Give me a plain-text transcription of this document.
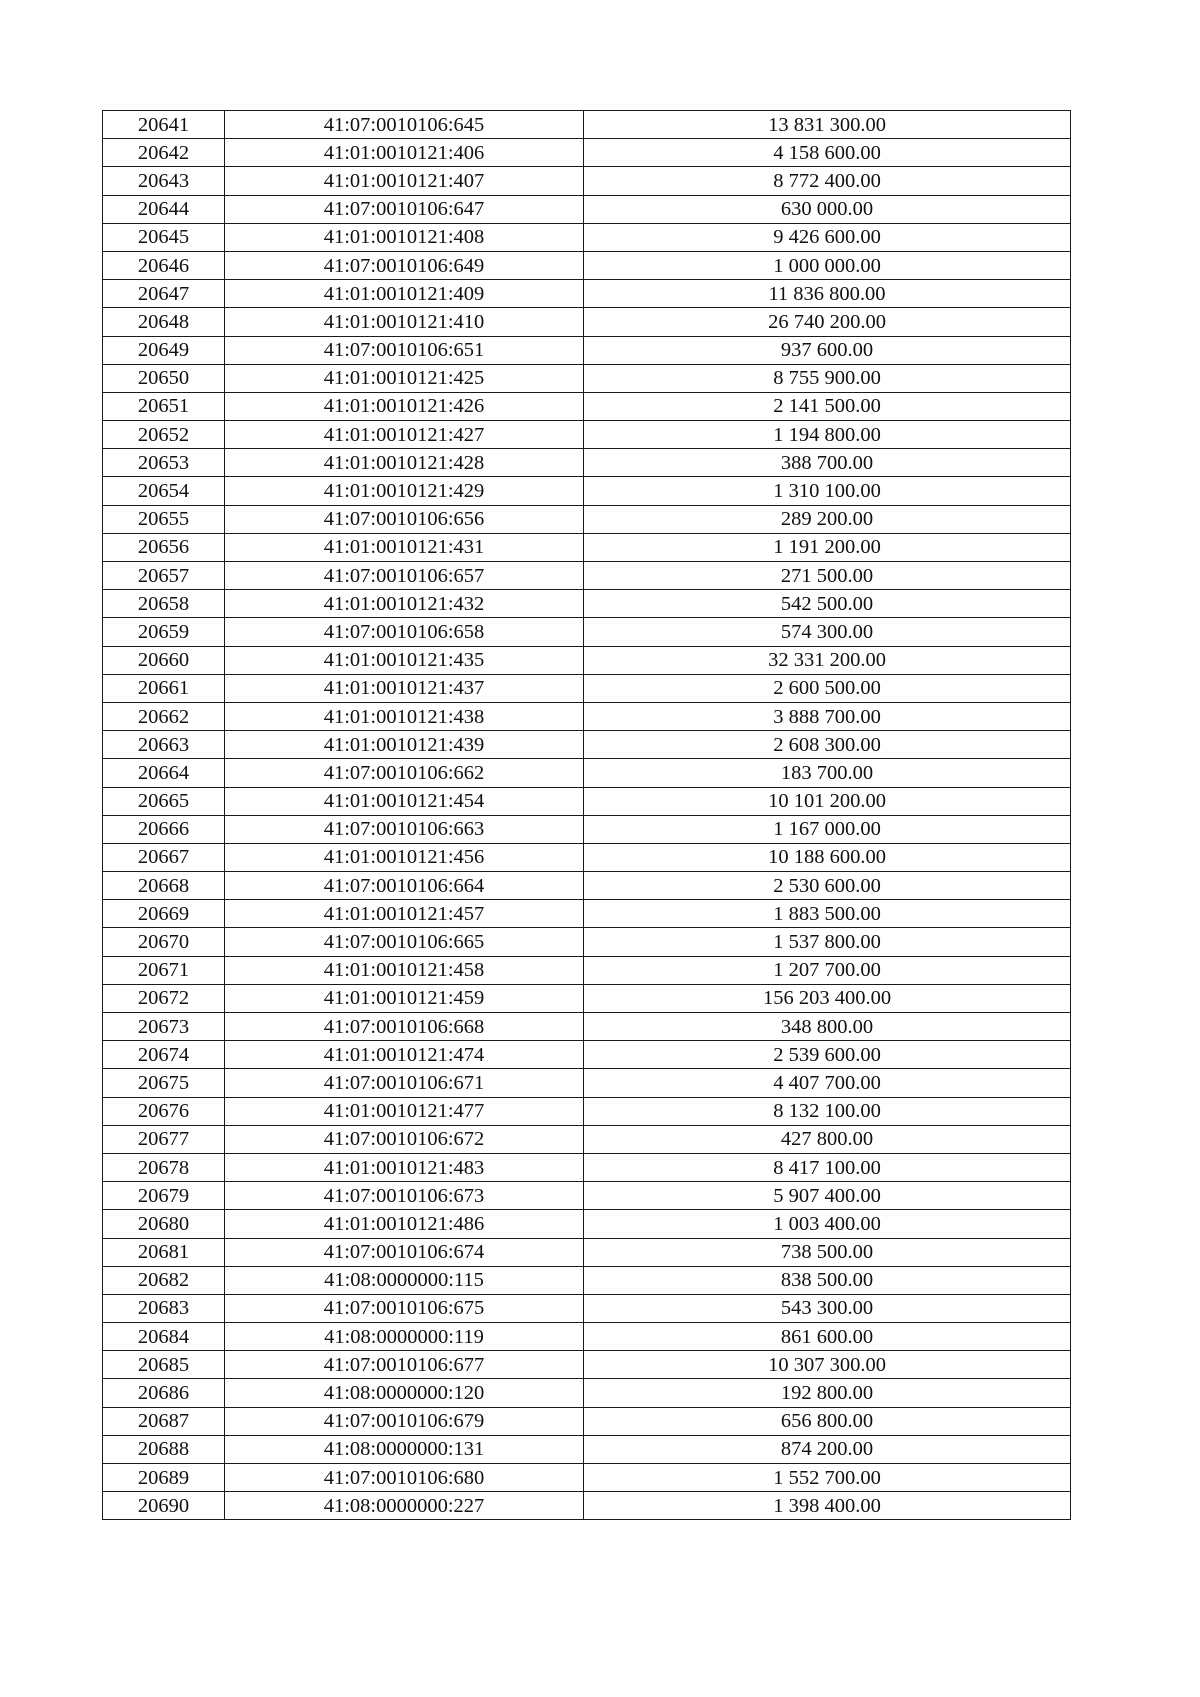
20641	41:07:0010106:645	13 831 300.00
20642	41:01:0010121:406	4 158 600.00
20643	41:01:0010121:407	8 772 400.00
20644	41:07:0010106:647	630 000.00
20645	41:01:0010121:408	9 426 600.00
20646	41:07:0010106:649	1 000 000.00
20647	41:01:0010121:409	11 836 800.00
20648	41:01:0010121:410	26 740 200.00
20649	41:07:0010106:651	937 600.00
20650	41:01:0010121:425	8 755 900.00
20651	41:01:0010121:426	2 141 500.00
20652	41:01:0010121:427	1 194 800.00
20653	41:01:0010121:428	388 700.00
20654	41:01:0010121:429	1 310 100.00
20655	41:07:0010106:656	289 200.00
20656	41:01:0010121:431	1 191 200.00
20657	41:07:0010106:657	271 500.00
20658	41:01:0010121:432	542 500.00
20659	41:07:0010106:658	574 300.00
20660	41:01:0010121:435	32 331 200.00
20661	41:01:0010121:437	2 600 500.00
20662	41:01:0010121:438	3 888 700.00
20663	41:01:0010121:439	2 608 300.00
20664	41:07:0010106:662	183 700.00
20665	41:01:0010121:454	10 101 200.00
20666	41:07:0010106:663	1 167 000.00
20667	41:01:0010121:456	10 188 600.00
20668	41:07:0010106:664	2 530 600.00
20669	41:01:0010121:457	1 883 500.00
20670	41:07:0010106:665	1 537 800.00
20671	41:01:0010121:458	1 207 700.00
20672	41:01:0010121:459	156 203 400.00
20673	41:07:0010106:668	348 800.00
20674	41:01:0010121:474	2 539 600.00
20675	41:07:0010106:671	4 407 700.00
20676	41:01:0010121:477	8 132 100.00
20677	41:07:0010106:672	427 800.00
20678	41:01:0010121:483	8 417 100.00
20679	41:07:0010106:673	5 907 400.00
20680	41:01:0010121:486	1 003 400.00
20681	41:07:0010106:674	738 500.00
20682	41:08:0000000:115	838 500.00
20683	41:07:0010106:675	543 300.00
20684	41:08:0000000:119	861 600.00
20685	41:07:0010106:677	10 307 300.00
20686	41:08:0000000:120	192 800.00
20687	41:07:0010106:679	656 800.00
20688	41:08:0000000:131	874 200.00
20689	41:07:0010106:680	1 552 700.00
20690	41:08:0000000:227	1 398 400.00
